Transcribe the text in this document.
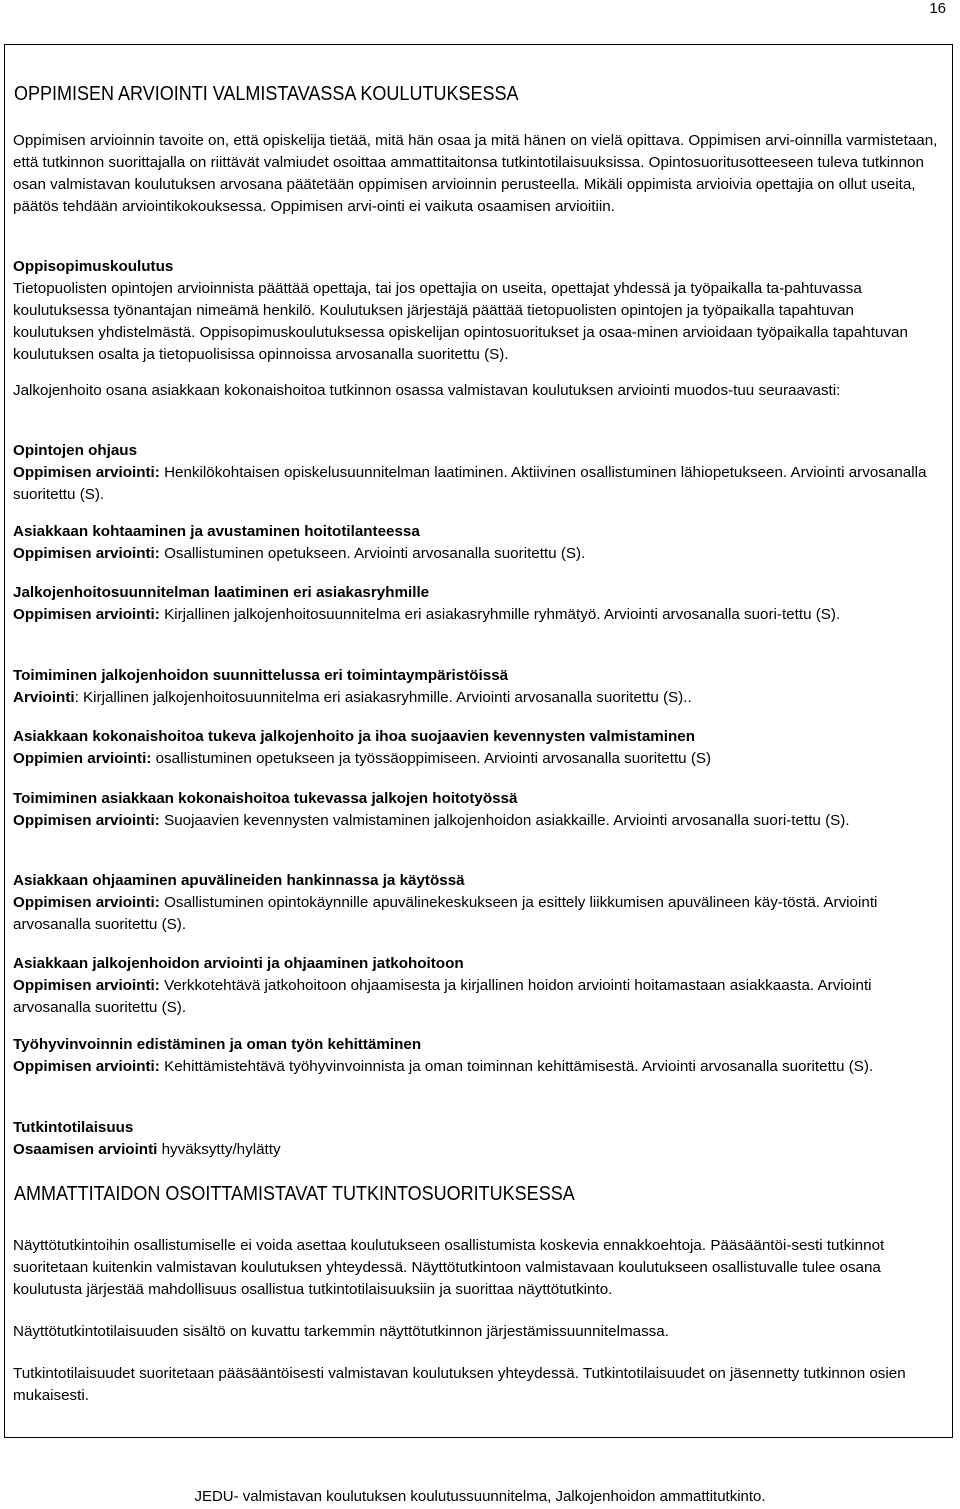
16
OPPIMISEN ARVIOINTI VALMISTAVASSA KOULUTUKSESSA

Oppimisen arvioinnin tavoite on, että opiskelija tietää, mitä hän osaa ja mitä hänen on vielä opittava. Oppimisen arvi-oinnilla varmistetaan, että tutkinnon suorittajalla on riittävät valmiudet osoittaa ammattitaitonsa tutkintotilaisuuksissa. Opintosuoritusotteeseen tuleva tutkinnon osan valmistavan koulutuksen arvosana päätetään oppimisen arvioinnin perusteella. Mikäli oppimista arvioivia opettajia on ollut useita, päätös tehdään arviointikokouksessa. Oppimisen arvi-ointi ei vaikuta osaamisen arvioitiin.

Oppisopimuskoulutus
Tietopuolisten opintojen arvioinnista päättää opettaja, tai jos opettajia on useita, opettajat yhdessä ja työpaikalla ta-pahtuvassa koulutuksessa työnantajan nimeämä henkilö. Koulutuksen järjestäjä päättää tietopuolisten opintojen ja työpaikalla tapahtuvan koulutuksen yhdistelmästä. Oppisopimuskoulutuksessa opiskelijan opintosuoritukset ja osaa-minen arvioidaan työpaikalla tapahtuvan koulutuksen osalta ja tietopuolisissa opinnoissa arvosanalla suoritettu (S).

Jalkojenhoito osana asiakkaan kokonaishoitoa tutkinnon osassa valmistavan koulutuksen arviointi muodos-tuu seuraavasti:

Opintojen ohjaus
Oppimisen arviointi: Henkilökohtaisen opiskelusuunnitelman laatiminen. Aktiivinen osallistuminen lähiopetukseen. Arviointi arvosanalla suoritettu (S).

Asiakkaan kohtaaminen ja avustaminen hoitotilanteessa
Oppimisen arviointi: Osallistuminen opetukseen. Arviointi arvosanalla suoritettu (S).

Jalkojenhoitosuunnitelman laatiminen eri asiakasryhmille
Oppimisen arviointi: Kirjallinen jalkojenhoitosuunnitelma eri asiakasryhmille ryhmätyö. Arviointi arvosanalla suori-tettu (S).

Toimiminen jalkojenhoidon suunnittelussa eri toimintaympäristöissä
Arviointi: Kirjallinen jalkojenhoitosuunnitelma eri asiakasryhmille. Arviointi arvosanalla suoritettu (S)..

Asiakkaan kokonaishoitoa tukeva jalkojenhoito ja ihoa suojaavien kevennysten valmistaminen
Oppimien arviointi: osallistuminen opetukseen ja työssäoppimiseen. Arviointi arvosanalla suoritettu (S)

Toimiminen asiakkaan kokonaishoitoa tukevassa jalkojen hoitotyössä
Oppimisen arviointi: Suojaavien kevennysten valmistaminen jalkojenhoidon asiakkaille. Arviointi arvosanalla suori-tettu (S).

Asiakkaan ohjaaminen apuvälineiden hankinnassa ja käytössä
Oppimisen arviointi: Osallistuminen opintokäynnille apuvälinekeskukseen ja esittely liikkumisen apuvälineen käy-töstä. Arviointi arvosanalla suoritettu (S).

Asiakkaan jalkojenhoidon arviointi ja ohjaaminen jatkohoitoon
Oppimisen arviointi: Verkkotehtävä jatkohoitoon ohjaamisesta ja kirjallinen hoidon arviointi hoitamastaan asiakkaasta. Arviointi arvosanalla suoritettu (S).

Työhyvinvoinnin edistäminen ja oman työn kehittäminen
Oppimisen arviointi: Kehittämistehtävä työhyvinvoinnista ja oman toiminnan kehittämisestä. Arviointi arvosanalla suoritettu (S).

Tutkintotilaisuus
Osaamisen arviointi hyväksytty/hylätty

AMMATTITAIDON OSOITTAMISTAVAT TUTKINTOSUORITUKSESSA

Näyttötutkintoihin osallistumiselle ei voida asettaa koulutukseen osallistumista koskevia ennakkoehtoja. Pääsääntöi-sesti tutkinnot suoritetaan kuitenkin valmistavan koulutuksen yhteydessä. Näyttötutkintoon valmistavaan koulutukseen osallistuvalle tulee osana koulutusta järjestää mahdollisuus osallistua tutkintotilaisuuksiin ja suorittaa näyttötutkinto.

Näyttötutkintotilaisuuden sisältö on kuvattu tarkemmin näyttötutkinnon järjestämissuunnitelmassa.

Tutkintotilaisuudet suoritetaan pääsääntöisesti valmistavan koulutuksen yhteydessä. Tutkintotilaisuudet on jäsennetty tutkinnon osien mukaisesti.

JEDU- valmistavan koulutuksen koulutussuunnitelma, Jalkojenhoidon ammattitutkinto.
